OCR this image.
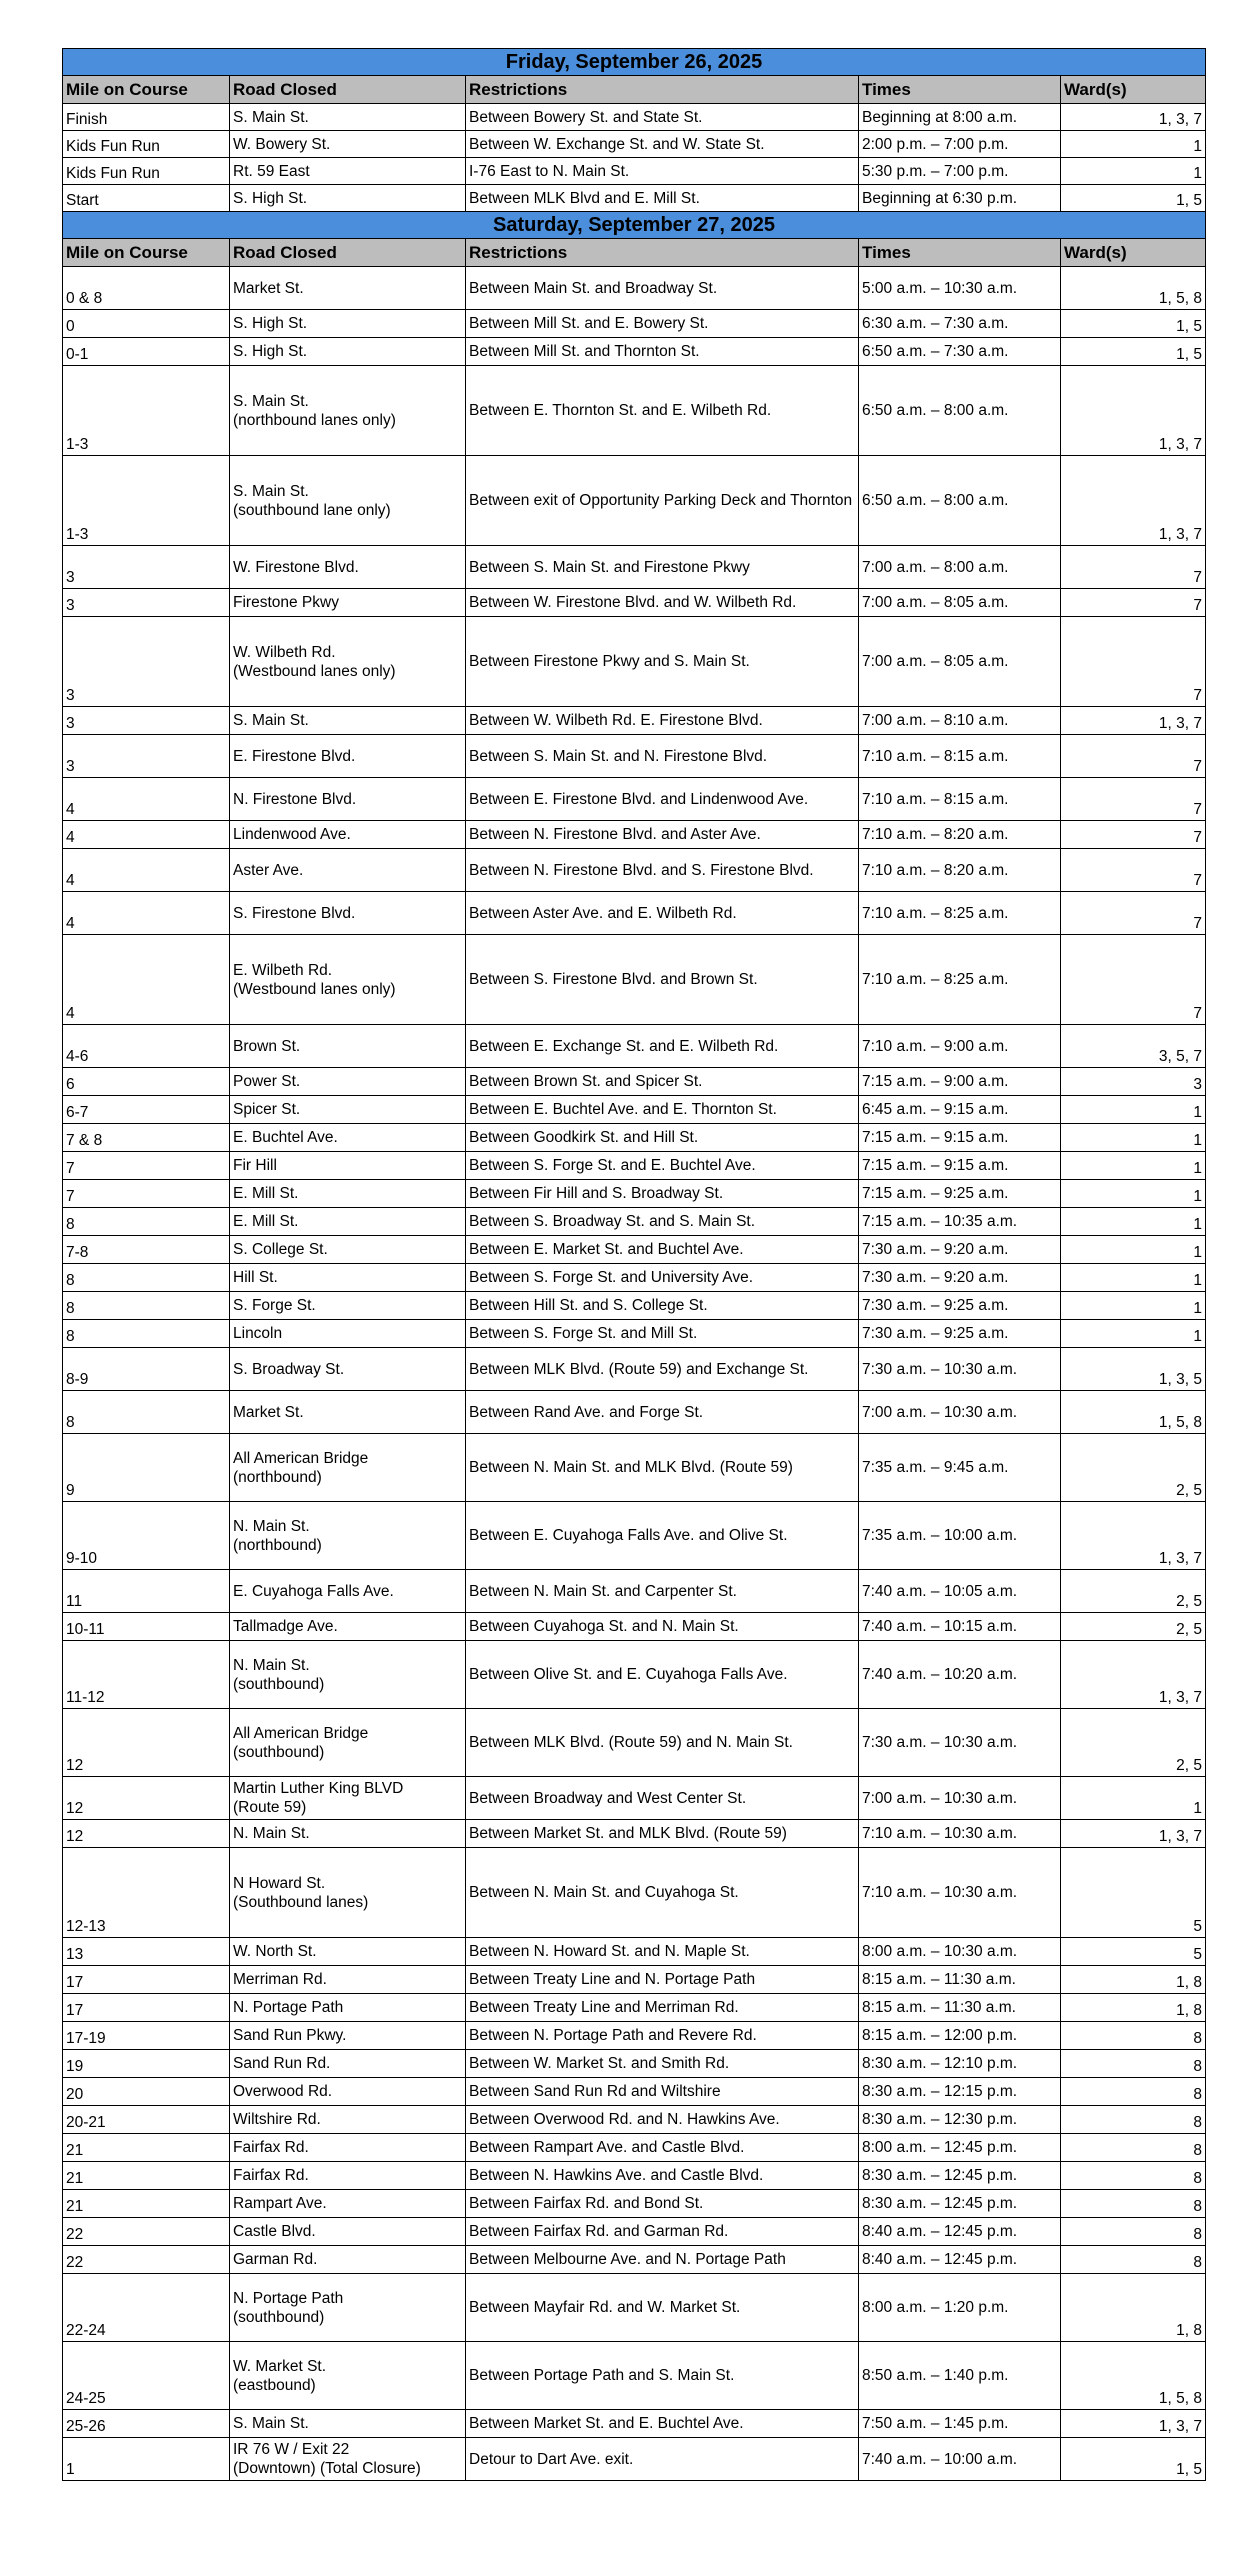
Friday, September 26, 2025				
Mile on Course	Road Closed	Restrictions	Times	Ward(s)
Finish	S. Main St.	Between Bowery St. and State St.	Beginning at 8:00 a.m.	1, 3, 7
Kids Fun Run	W. Bowery St.	Between W. Exchange St. and W. State St.	2:00 p.m. – 7:00 p.m.	1
Kids Fun Run	Rt. 59 East	I-76 East to N. Main St.	5:30 p.m. – 7:00 p.m.	1
Start	S. High St.	Between MLK Blvd and E. Mill St.	Beginning at 6:30 p.m.	1, 5
Saturday, September 27, 2025				
Mile on Course	Road Closed	Restrictions	Times	Ward(s)
0 & 8	Market St.	Between Main St. and Broadway St.	5:00 a.m. – 10:30 a.m.	1, 5, 8
0	S. High St.	Between Mill St. and E. Bowery St.	6:30 a.m. – 7:30 a.m.	1, 5
0-1	S. High St.	Between Mill St. and Thornton St.	6:50 a.m. – 7:30 a.m.	1, 5
1-3	S. Main St.
(northbound lanes only)	Between E. Thornton St. and E. Wilbeth Rd.	6:50 a.m. – 8:00 a.m.	1, 3, 7
1-3	S. Main St.
(southbound lane only)	Between exit of Opportunity Parking Deck and Thornton	6:50 a.m. – 8:00 a.m.	1, 3, 7
3	W. Firestone Blvd.	Between S. Main St. and Firestone Pkwy	7:00 a.m. – 8:00 a.m.	7
3	Firestone Pkwy	Between W. Firestone Blvd. and W. Wilbeth Rd.	7:00 a.m. – 8:05 a.m.	7
3	W. Wilbeth Rd.
(Westbound lanes only)	Between Firestone Pkwy and S. Main St.	7:00 a.m. – 8:05 a.m.	7
3	S. Main St.	Between W. Wilbeth Rd. E. Firestone Blvd.	7:00 a.m. – 8:10 a.m.	1, 3, 7
3	E. Firestone Blvd.	Between S. Main St. and N. Firestone Blvd.	7:10 a.m. – 8:15 a.m.	7
4	N. Firestone Blvd.	Between E. Firestone Blvd. and Lindenwood Ave.	7:10 a.m. – 8:15 a.m.	7
4	Lindenwood Ave.	Between N. Firestone Blvd. and Aster Ave.	7:10 a.m. – 8:20 a.m.	7
4	Aster Ave.	Between N. Firestone Blvd. and S. Firestone Blvd.	7:10 a.m. – 8:20 a.m.	7
4	S. Firestone Blvd.	Between Aster Ave. and E. Wilbeth Rd.	7:10 a.m. – 8:25 a.m.	7
4	E. Wilbeth Rd.
(Westbound lanes only)	Between S. Firestone Blvd. and Brown St.	7:10 a.m. – 8:25 a.m.	7
4-6	Brown St.	Between E. Exchange St. and E. Wilbeth Rd.	7:10 a.m. – 9:00 a.m.	3, 5, 7
6	Power St.	Between Brown St. and Spicer St.	7:15 a.m. – 9:00 a.m.	3
6-7	Spicer St.	Between E. Buchtel Ave. and E. Thornton St.	6:45 a.m. – 9:15 a.m.	1
7 & 8	E. Buchtel Ave.	Between Goodkirk St. and Hill St.	7:15 a.m. – 9:15 a.m.	1
7	Fir Hill	Between S. Forge St. and E. Buchtel Ave.	7:15 a.m. – 9:15 a.m.	1
7	E. Mill St.	Between Fir Hill and S. Broadway St.	7:15 a.m. – 9:25 a.m.	1
8	E. Mill St.	Between S. Broadway St. and S. Main St.	7:15 a.m. – 10:35 a.m.	1
7-8	S. College St.	Between E. Market St. and Buchtel Ave.	7:30 a.m. – 9:20 a.m.	1
8	Hill St.	Between S. Forge St. and University Ave.	7:30 a.m. – 9:20 a.m.	1
8	S. Forge St.	Between Hill St. and S. College St.	7:30 a.m. – 9:25 a.m.	1
8	Lincoln	Between S. Forge St. and Mill St.	7:30 a.m. – 9:25 a.m.	1
8-9	S. Broadway St.	Between MLK Blvd. (Route 59) and Exchange St.	7:30 a.m. – 10:30 a.m.	1, 3, 5
8	Market St.	Between Rand Ave. and Forge St.	7:00 a.m. – 10:30 a.m.	1, 5, 8
9	All American Bridge
(northbound)	Between N. Main St. and MLK Blvd. (Route 59)	7:35 a.m. – 9:45 a.m.	2, 5
9-10	N. Main St.
(northbound)	Between E. Cuyahoga Falls Ave. and Olive St.	7:35 a.m. – 10:00 a.m.	1, 3, 7
11	E. Cuyahoga Falls Ave.	Between N. Main St. and Carpenter St.	7:40 a.m. – 10:05 a.m.	2, 5
10-11	Tallmadge Ave.	Between Cuyahoga St. and N. Main St.	7:40 a.m. – 10:15 a.m.	2, 5
11-12	N. Main St.
(southbound)	Between Olive St. and E. Cuyahoga Falls Ave.	7:40 a.m. – 10:20 a.m.	1, 3, 7
12	All American Bridge
(southbound)	Between MLK Blvd. (Route 59) and N. Main St.	7:30 a.m. – 10:30 a.m.	2, 5
12	Martin Luther King BLVD
(Route 59)	Between Broadway and West Center St.	7:00 a.m. – 10:30 a.m.	1
12	N. Main St.	Between Market St. and MLK Blvd. (Route 59)	7:10 a.m. – 10:30 a.m.	1, 3, 7
12-13	N Howard St.
(Southbound lanes)	Between N. Main St. and Cuyahoga St.	7:10 a.m. – 10:30 a.m.	5
13	W. North St.	Between N. Howard St. and N. Maple St.	8:00 a.m. – 10:30 a.m.	5
17	Merriman Rd.	Between Treaty Line and N. Portage Path	8:15 a.m. – 11:30 a.m.	1, 8
17	N. Portage Path	Between Treaty Line and Merriman Rd.	8:15 a.m. – 11:30 a.m.	1, 8
17-19	Sand Run Pkwy.	Between N. Portage Path and Revere Rd.	8:15 a.m. – 12:00 p.m.	8
19	Sand Run Rd.	Between W. Market St. and Smith Rd.	8:30 a.m. – 12:10 p.m.	8
20	Overwood Rd.	Between Sand Run Rd and Wiltshire	8:30 a.m. – 12:15 p.m.	8
20-21	Wiltshire Rd.	Between Overwood Rd. and N. Hawkins Ave.	8:30 a.m. – 12:30 p.m.	8
21	Fairfax Rd.	Between Rampart Ave. and Castle Blvd.	8:00 a.m. – 12:45 p.m.	8
21	Fairfax Rd.	Between N. Hawkins Ave. and Castle Blvd.	8:30 a.m. – 12:45 p.m.	8
21	Rampart Ave.	Between Fairfax Rd. and Bond St.	8:30 a.m. – 12:45 p.m.	8
22	Castle Blvd.	Between Fairfax Rd. and Garman Rd.	8:40 a.m. – 12:45 p.m.	8
22	Garman Rd.	Between Melbourne Ave. and N. Portage Path	8:40 a.m. – 12:45 p.m.	8
22-24	N. Portage Path
(southbound)	Between Mayfair Rd. and W. Market St.	8:00 a.m. – 1:20 p.m.	1, 8
24-25	W. Market St.
(eastbound)	Between Portage Path and S. Main St.	8:50 a.m. – 1:40 p.m.	1, 5, 8
25-26	S. Main St.	Between Market St. and E. Buchtel Ave.	7:50 a.m. – 1:45 p.m.	1, 3, 7
1	IR 76 W / Exit 22
(Downtown) (Total Closure)	Detour to Dart Ave. exit.	7:40 a.m. – 10:00 a.m.	1, 5
